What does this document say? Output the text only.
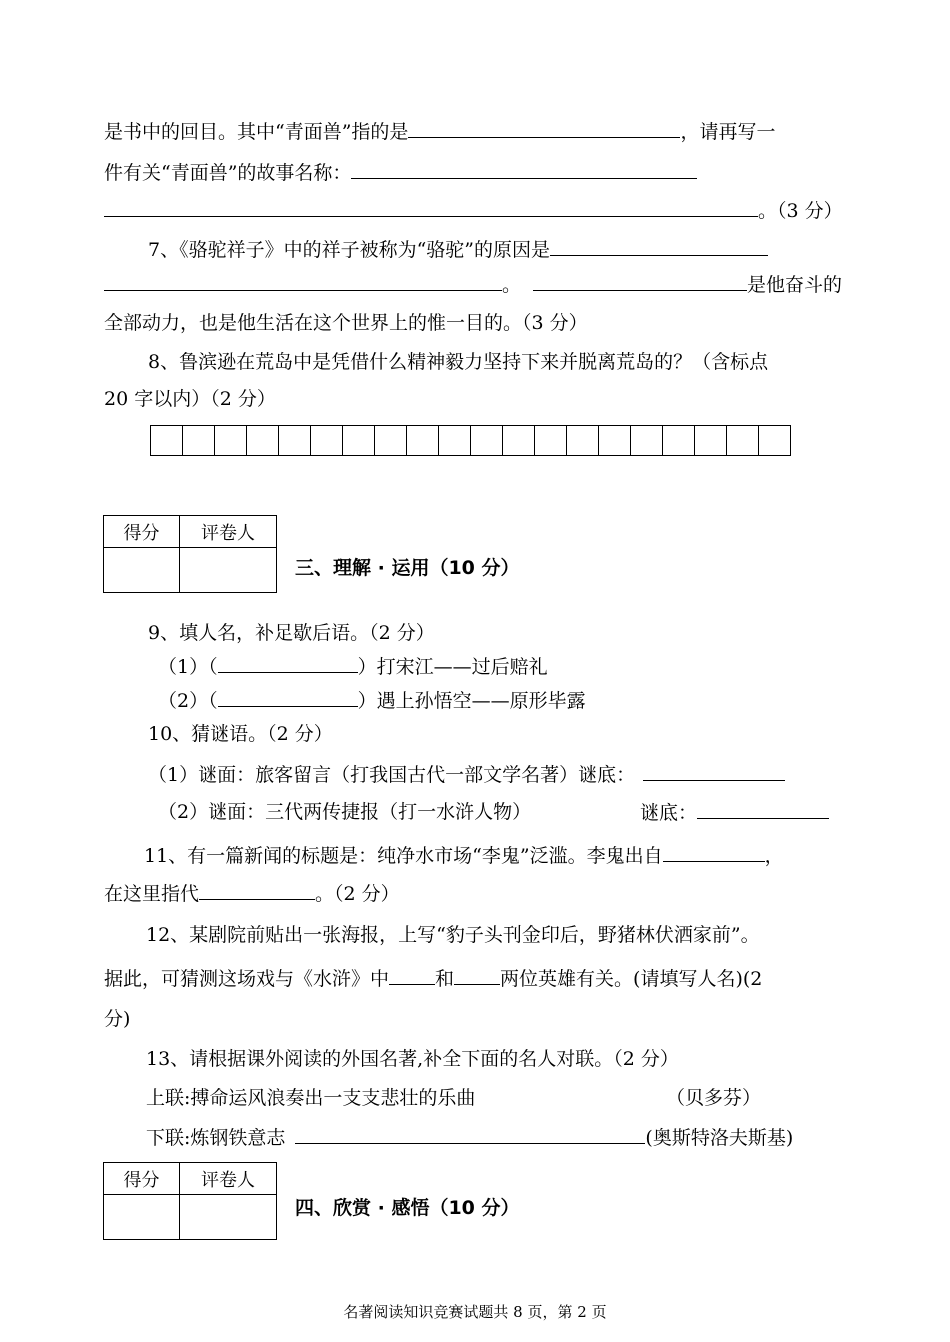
是书中的回目。其中“青面兽”指的是	，请再写一
件有关“青面兽”的故事名称：
。（3 分）
7、《骆驼祥子》中的祥子被称为“骆驼”的原因是
。	是他奋斗的
全部动力，也是他生活在这个世界上的惟一目的。（3 分）
8、鲁滨逊在荒岛中是凭借什么精神毅力坚持下来并脱离荒岛的？（含标点
20 字以内）（2 分）
得分	评卷人

三、理解 · 运用（10 分）
9、填人名，补足歇后语。（2 分）
（1）（	）打宋江——过后赔礼
（2）（	）遇上孙悟空——原形毕露
10、猜谜语。（2 分）
（1）谜面：旅客留言（打我国古代一部文学名著）谜底：
（2）谜面：三代两传捷报（打一水浒人物）	谜底：
11、有一篇新闻的标题是：纯净水市场“李鬼”泛滥。李鬼出自	，
在这里指代	。（2 分）
12、某剧院前贴出一张海报，上写“豹子头刊金印后，野猪林伏洒家前”。
据此，可猜测这场戏与《水浒》中 和 两位英雄有关。(请填写人名)(2
分)
13、请根据课外阅读的外国名著,补全下面的名人对联。（2 分）
上联:搏命运风浪奏出一支支悲壮的乐曲	（贝多芬）
下联:炼钢铁意志	(奥斯特洛夫斯基)
得分	评卷人

四、欣赏 · 感悟（10 分）
名著阅读知识竞赛试题共 8 页，第 2 页
